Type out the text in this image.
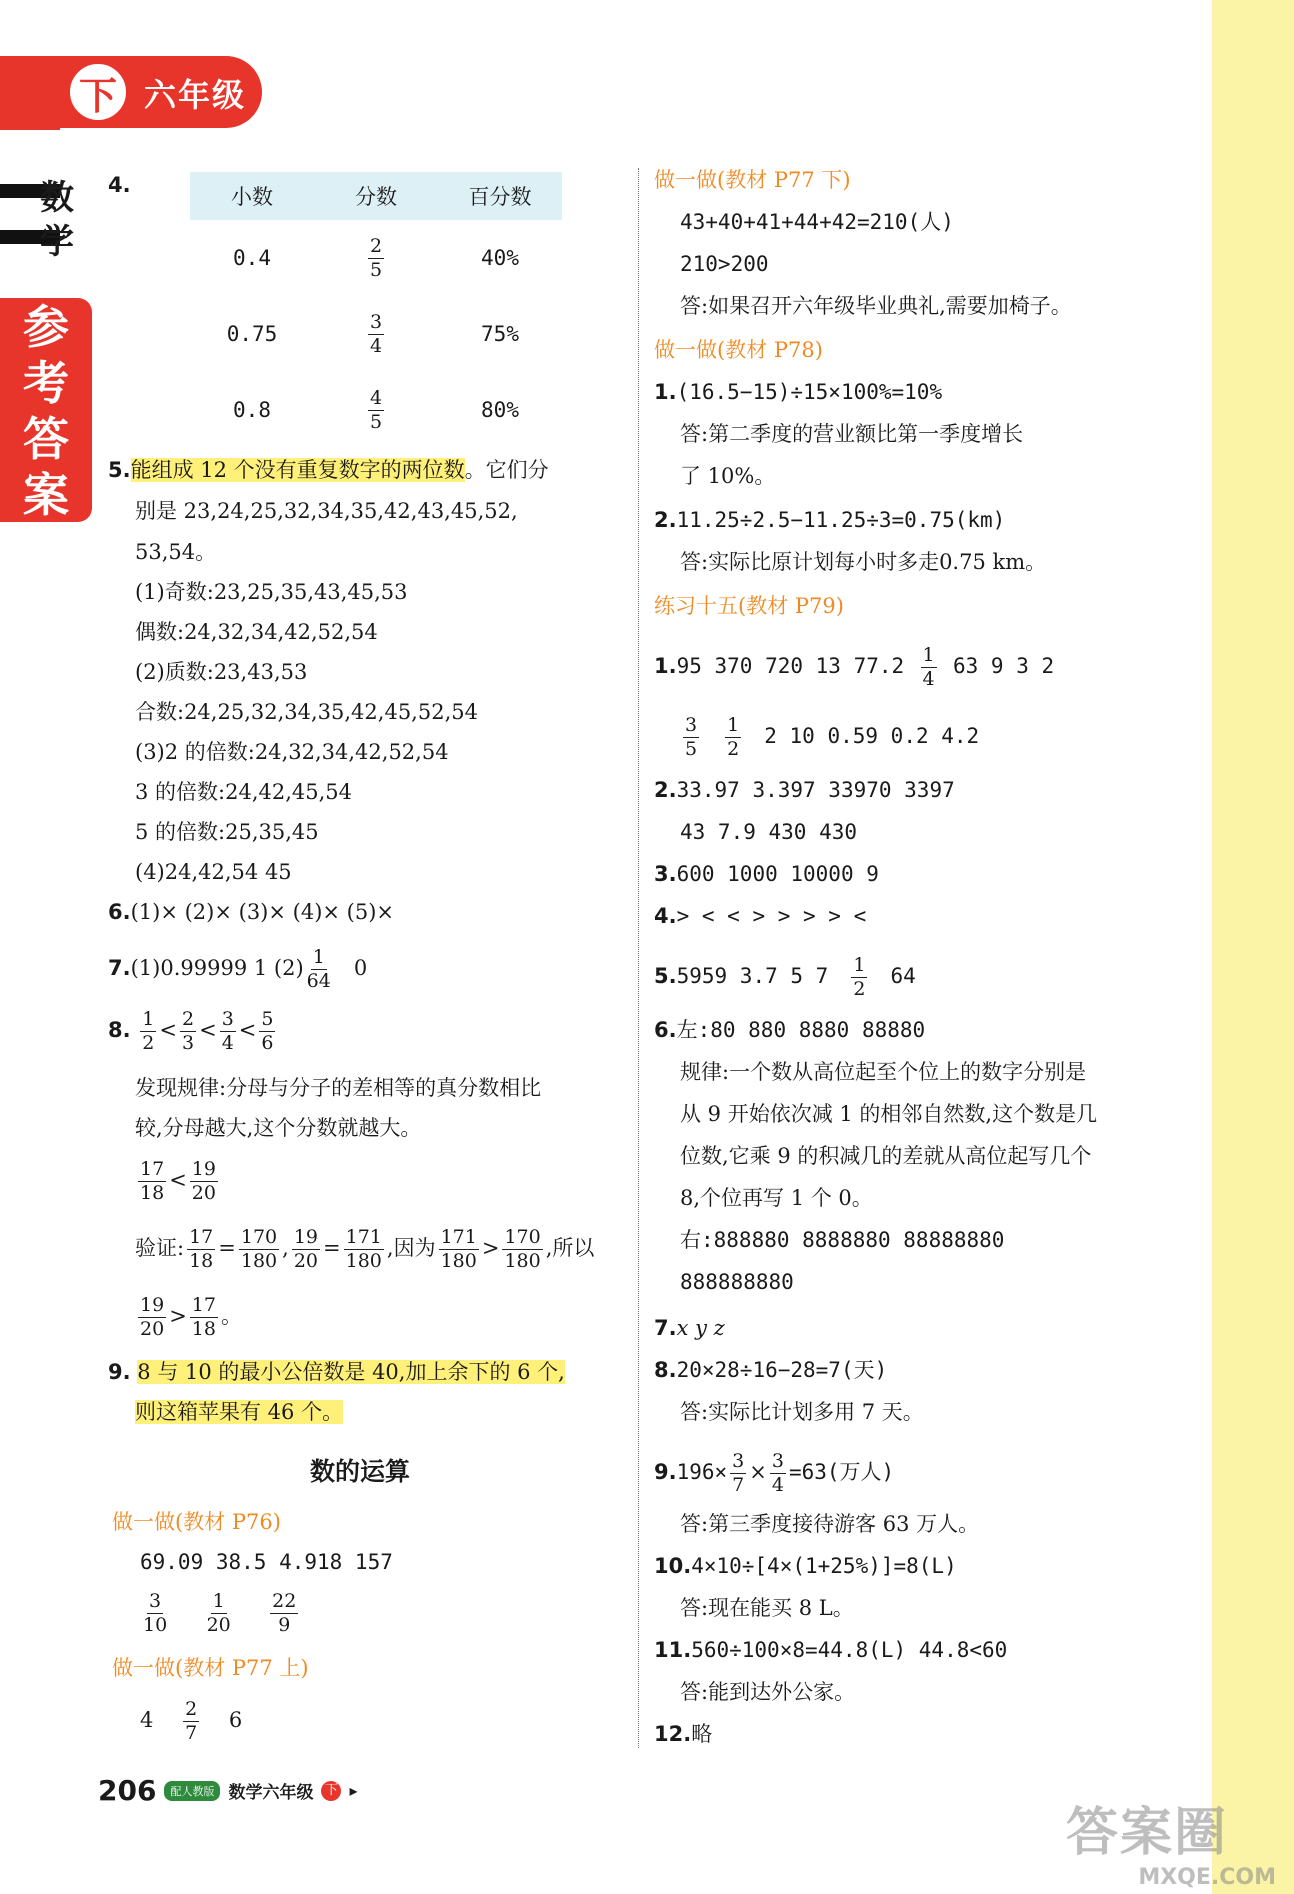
下 六年级
数
学
参
考
答
案
4.	小数	分数	百分数
0.4	$\frac{2}{5}$	40%
0.75	$\frac{3}{4}$	75%
0.8	$\frac{4}{5}$	80%
5.能组成 12 个没有重复数字的两位数。它们分
别是 23,24,25,32,34,35,42,43,45,52,
53,54。
(1)奇数:23,25,35,43,45,53
偶数:24,32,34,42,52,54
(2)质数:23,43,53
合数:24,25,32,34,35,42,45,52,54
(3)2 的倍数:24,32,34,42,52,54
3 的倍数:24,42,45,54
5 的倍数:25,35,45
(4)24,42,54 45
6.(1)× (2)× (3)× (4)× (5)×
7.(1)0.99999 1 $(2) \frac{1}{64} 0$
8. $\frac{1}{2} < \frac{2}{3} < \frac{3}{4} < \frac{5}{6}$
发现规律:分母与分子的差相等的真分数相比
较,分母越大,这个分数就越大。
$\frac{17}{18} < \frac{19}{20}$
验证: $\frac{17}{18} = \frac{170}{180}$ , $\frac{19}{20} = \frac{171}{180}$ ,因为 $\frac{171}{180} > \frac{170}{180}$ ,所以
$\frac{19}{20} > \frac{17}{18}$ 。
9. 8 与 10 的最小公倍数是 40,加上余下的 6 个,
则这箱苹果有 46 个。
数的运算
做一做(教材 P76)
69.09 38.5 4.918 157
$\frac{3}{10}$
$\frac{1}{20}$
$\frac{22}{9}$
做一做(教材 P77 上)
$4 \frac{2}{7} 6$
做一做(教材 P77 下)
43+40+41+44+42=210(人)
210>200
答:如果召开六年级毕业典礼,需要加椅子。
做一做(教材 P78)
1.(16.5−15)÷15×100%=10%
答:第二季度的营业额比第一季度增长
了 10%。
2.11.25÷2.5−11.25÷3=0.75(km)
答:实际比原计划每小时多走0.75 km。
练习十五(教材 P79)
1.95 370 720 13 $77.2 \frac{1}{4} 63$ 9 3 2
$\frac{3}{5}$
$\frac{1}{2} 2$ 10 0.59 0.2 4.2
2.33.97 3.397 33970 3397
43 7.9 430 430
3.600 1000 10000 9
4.> < < > > > > <
5.5959 3.7 5 $7 \frac{1}{2} 64$
6.左:80 880 8880 88880
规律:一个数从高位起至个位上的数字分别是
从 9 开始依次减 1 的相邻自然数,这个数是几
位数,它乘 9 的积减几的差就从高位起写几个
8,个位再写 1 个 0。
右:888880 8888880 88888880
888888880
7.x y z
8.20×28÷16−28=7(天)
答:实际比计划多用 7 天。
$9.196\times \frac{3}{7} \times \frac{3}{4} =63$(万人)
答:第三季度接待游客 63 万人。
10.4×10÷[4×(1+25%)]=8(L)
答:现在能买 8 L。
11.560÷100×8=44.8(L) 44.8<60
答:能到达外公家。
12.略
206	配人教版 数学六年级 下 ▸
答案圈
MXQE.COM
